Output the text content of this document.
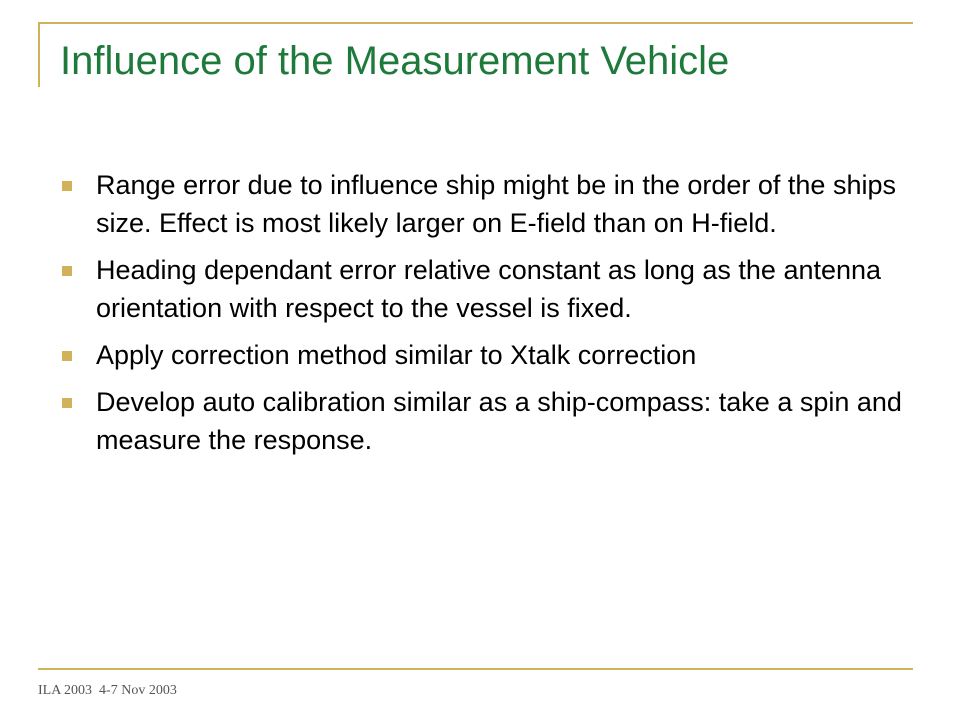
Influence of the Measurement Vehicle
Range error due to influence ship might be in the order of the ships size. Effect is most likely larger on E-field than on H-field.
Heading dependant error relative constant as long as the antenna orientation with respect to the vessel is fixed.
Apply correction method similar to Xtalk correction
Develop auto calibration similar as a ship-compass: take a spin and measure the response.
ILA 2003  4-7 Nov 2003
